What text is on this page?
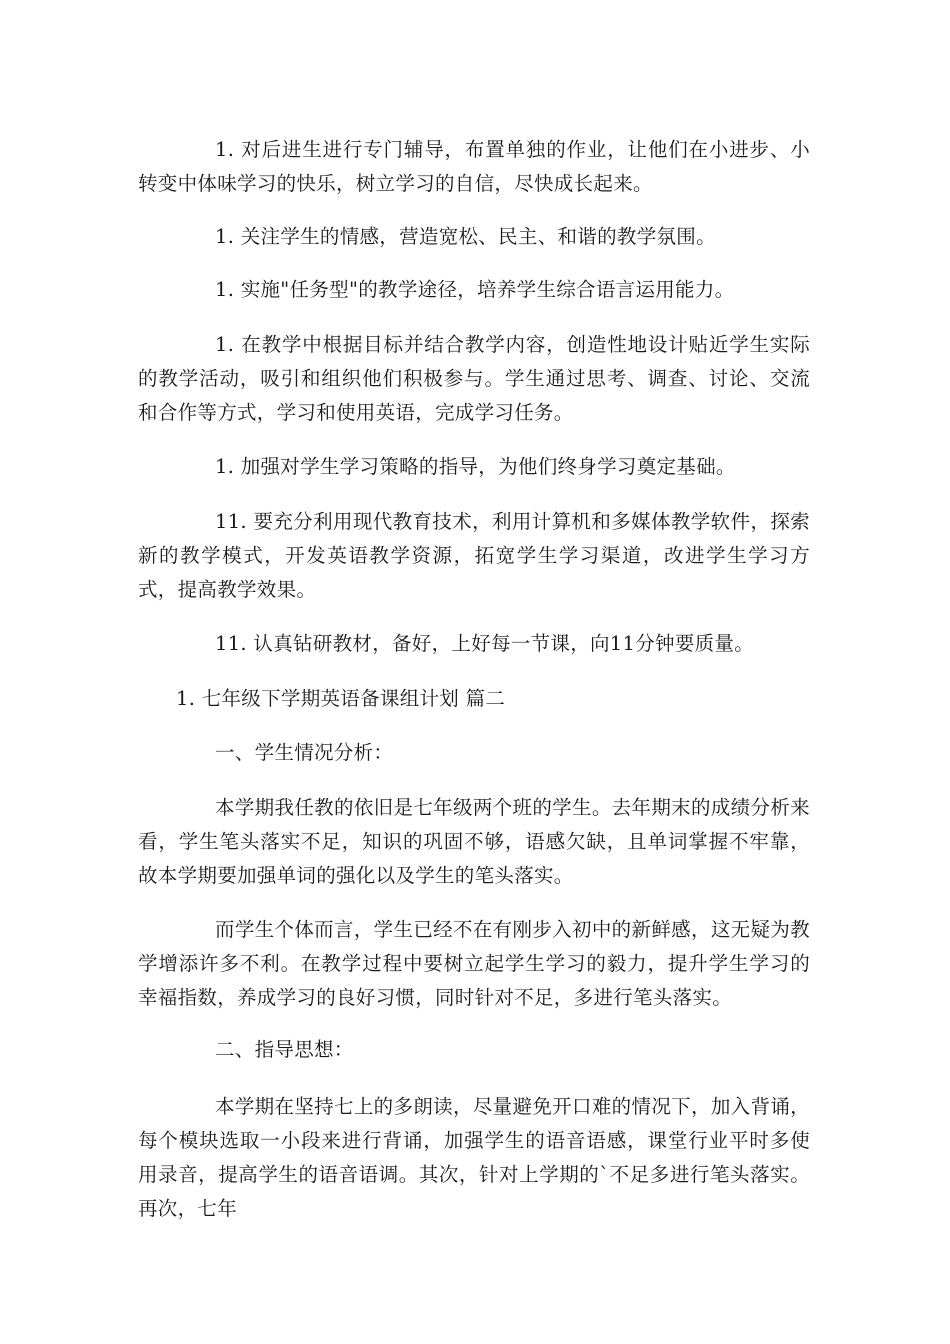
1. 对后进生进行专门辅导，布置单独的作业，让他们在小进步、小转变中体味学习的快乐，树立学习的自信，尽快成长起来。

1. 关注学生的情感，营造宽松、民主、和谐的教学氛围。

1. 实施"任务型"的教学途径，培养学生综合语言运用能力。

1. 在教学中根据目标并结合教学内容，创造性地设计贴近学生实际的教学活动，吸引和组织他们积极参与。学生通过思考、调查、讨论、交流和合作等方式，学习和使用英语，完成学习任务。

1. 加强对学生学习策略的指导，为他们终身学习奠定基础。

11. 要充分利用现代教育技术，利用计算机和多媒体教学软件，探索新的教学模式，开发英语教学资源，拓宽学生学习渠道，改进学生学习方式，提高教学效果。

11. 认真钻研教材，备好，上好每一节课，向11分钟要质量。

1. 七年级下学期英语备课组计划 篇二

一、学生情况分析：

本学期我任教的依旧是七年级两个班的学生。去年期末的成绩分析来看，学生笔头落实不足，知识的巩固不够，语感欠缺，且单词掌握不牢靠，故本学期要加强单词的强化以及学生的笔头落实。

而学生个体而言，学生已经不在有刚步入初中的新鲜感，这无疑为教学增添许多不利。在教学过程中要树立起学生学习的毅力，提升学生学习的幸福指数，养成学习的良好习惯，同时针对不足，多进行笔头落实。

二、指导思想：

本学期在坚持七上的多朗读，尽量避免开口难的情况下，加入背诵，每个模块选取一小段来进行背诵，加强学生的语音语感，课堂行业平时多使用录音，提高学生的语音语调。其次，针对上学期的`不足多进行笔头落实。再次，七年
